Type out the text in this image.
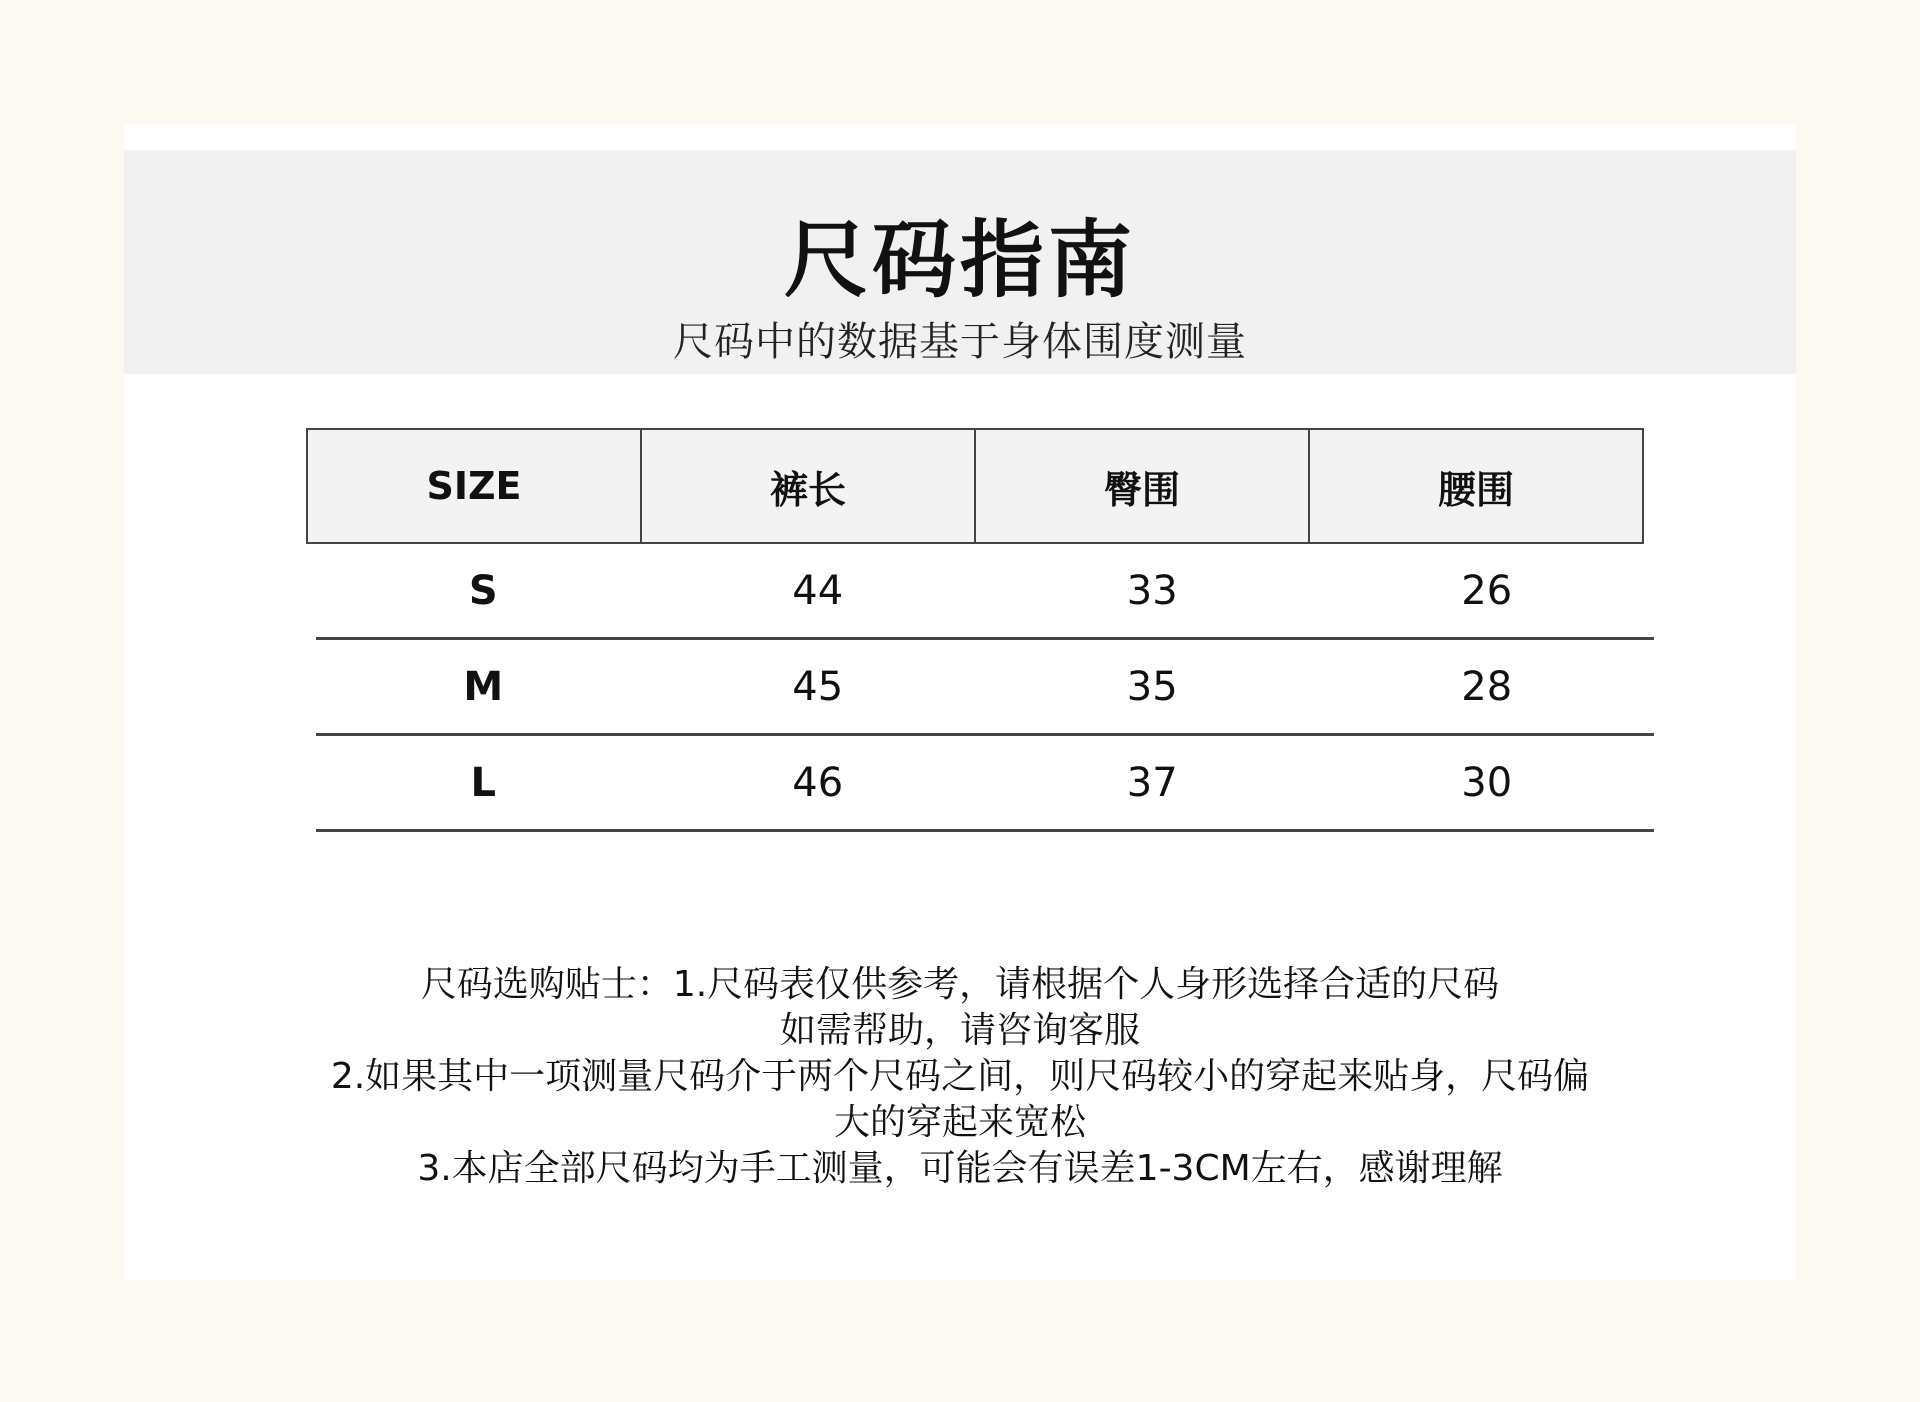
尺码指南
尺码中的数据基于身体围度测量
SIZE	裤长	臀围	腰围
S	44	33	26
M	45	35	28
L	46	37	30
尺码选购贴士：1.尺码表仅供参考，请根据个人身形选择合适的尺码
如需帮助，请咨询客服
2.如果其中一项测量尺码介于两个尺码之间，则尺码较小的穿起来贴身，尺码偏
大的穿起来宽松
3.本店全部尺码均为手工测量，可能会有误差1-3CM左右，感谢理解
